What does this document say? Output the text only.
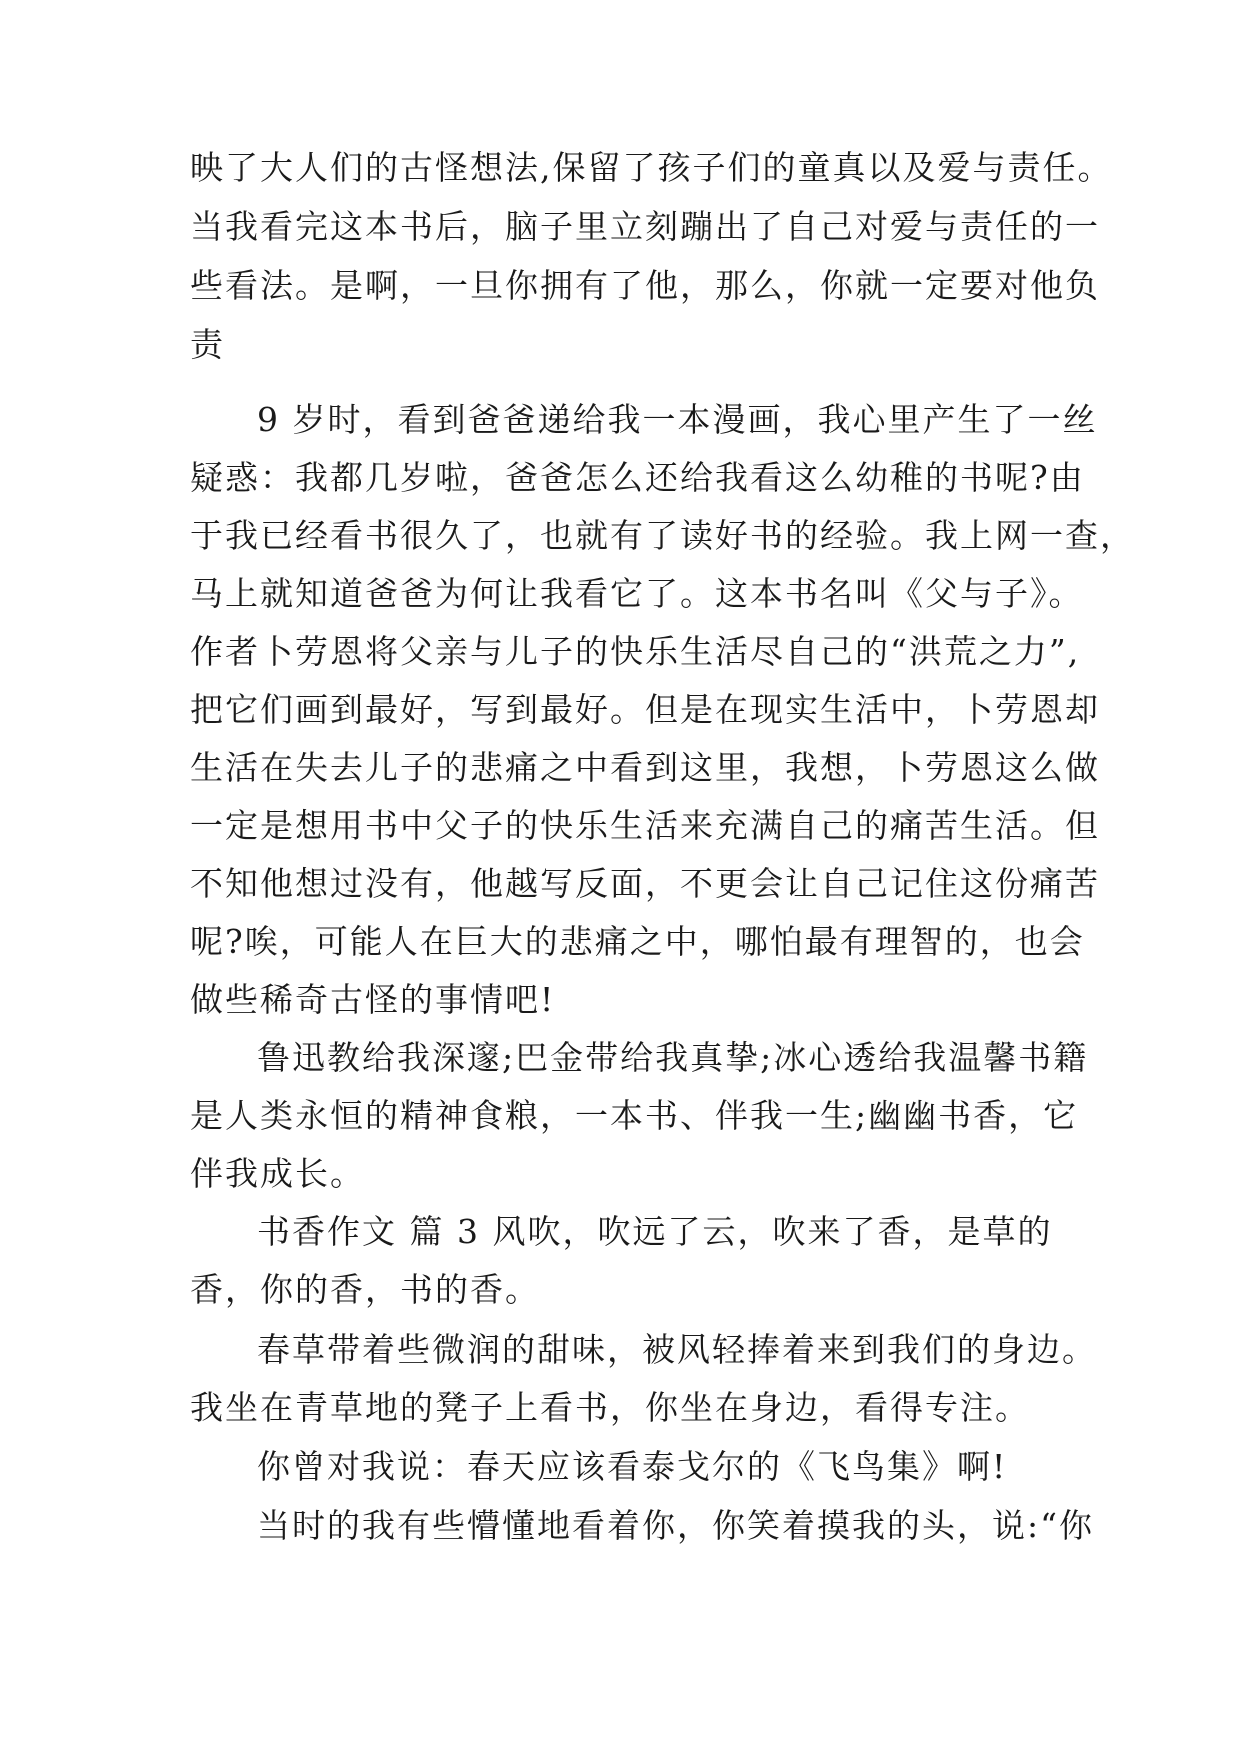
映了大人们的古怪想法,保留了孩子们的童真以及爱与责任。
当我看完这本书后，脑子里立刻蹦出了自己对爱与责任的一
些看法。是啊，一旦你拥有了他，那么，你就一定要对他负
责
9 岁时，看到爸爸递给我一本漫画，我心里产生了一丝
疑惑：我都几岁啦，爸爸怎么还给我看这么幼稚的书呢?由
于我已经看书很久了，也就有了读好书的经验。我上网一查，
马上就知道爸爸为何让我看它了。这本书名叫《父与子》。
作者卜劳恩将父亲与儿子的快乐生活尽自己的“洪荒之力”,
把它们画到最好，写到最好。但是在现实生活中，卜劳恩却
生活在失去儿子的悲痛之中看到这里，我想，卜劳恩这么做
一定是想用书中父子的快乐生活来充满自己的痛苦生活。但
不知他想过没有，他越写反面，不更会让自己记住这份痛苦
呢?唉，可能人在巨大的悲痛之中，哪怕最有理智的，也会
做些稀奇古怪的事情吧!
鲁迅教给我深邃;巴金带给我真挚;冰心透给我温馨书籍
是人类永恒的精神食粮，一本书、伴我一生;幽幽书香，它
伴我成长。
书香作文 篇 3 风吹，吹远了云，吹来了香，是草的
香，你的香，书的香。
春草带着些微润的甜味，被风轻捧着来到我们的身边。
我坐在青草地的凳子上看书，你坐在身边，看得专注。
你曾对我说：春天应该看泰戈尔的《飞鸟集》啊!
当时的我有些懵懂地看着你，你笑着摸我的头，说:“你
